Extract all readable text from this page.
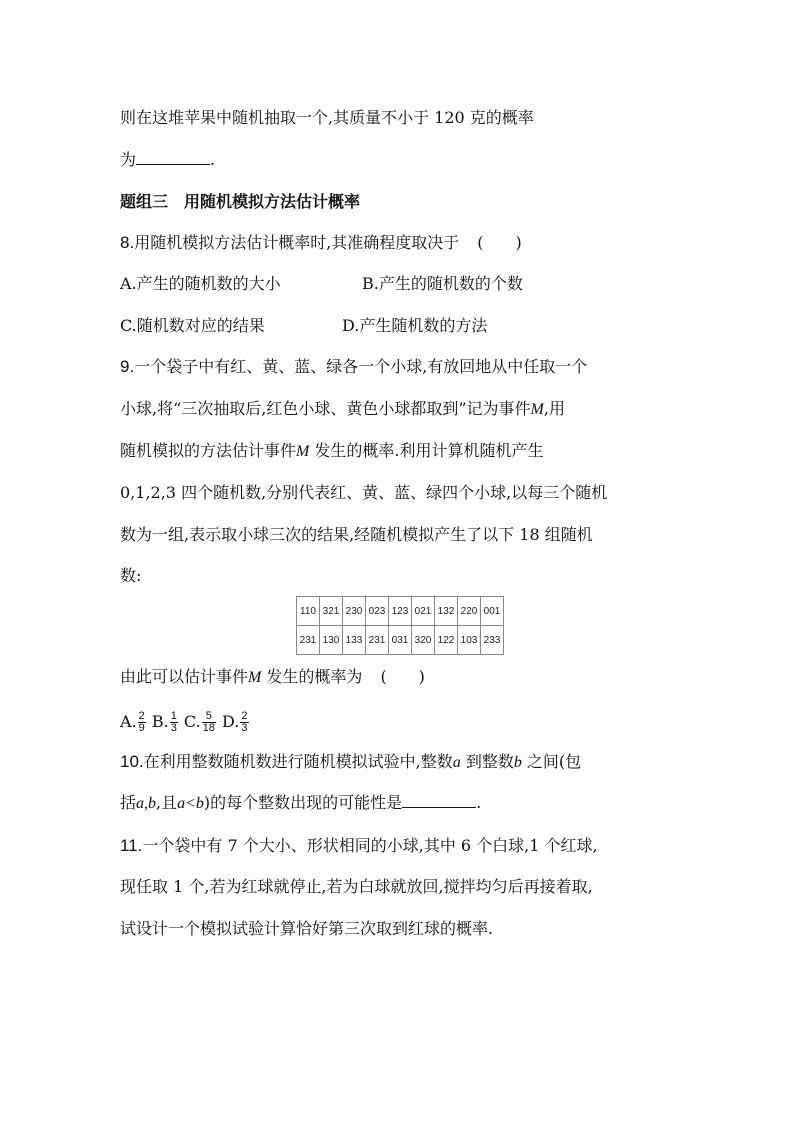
则在这堆苹果中随机抽取一个,其质量不小于 120 克的概率
为	.
题组三　用随机模拟方法估计概率
8.用随机模拟方法估计概率时,其准确程度取决于 (　　)
A.产生的随机数的大小	B.产生的随机数的个数
C.随机数对应的结果	D.产生随机数的方法
9.一个袋子中有红、黄、蓝、绿各一个小球,有放回地从中任取一个
小球,将“三次抽取后,红色小球、黄色小球都取到”记为事件M,用
随机模拟的方法估计事件M 发生的概率.利用计算机随机产生
0,1,2,3 四个随机数,分别代表红、黄、蓝、绿四个小球,以每三个随机
数为一组,表示取小球三次的结果,经随机模拟产生了以下 18 组随机
数:
110	321	230	023	123	021	132	220	001
231	130	133	231	031	320	122	103	233
由此可以估计事件M 发生的概率为 (　　)
A. $\frac{2}{9} B$. $\frac{1}{3} C$. $\frac{5}{18} D$. $\frac{2}{3}$
10.在利用整数随机数进行随机模拟试验中,整数a 到整数b 之间(包
括a,b,且a<b)的每个整数出现的可能性是	.
11.一个袋中有 7 个大小、形状相同的小球,其中 6 个白球,1 个红球,
现任取 1 个,若为红球就停止,若为白球就放回,搅拌均匀后再接着取,
试设计一个模拟试验计算恰好第三次取到红球的概率.
